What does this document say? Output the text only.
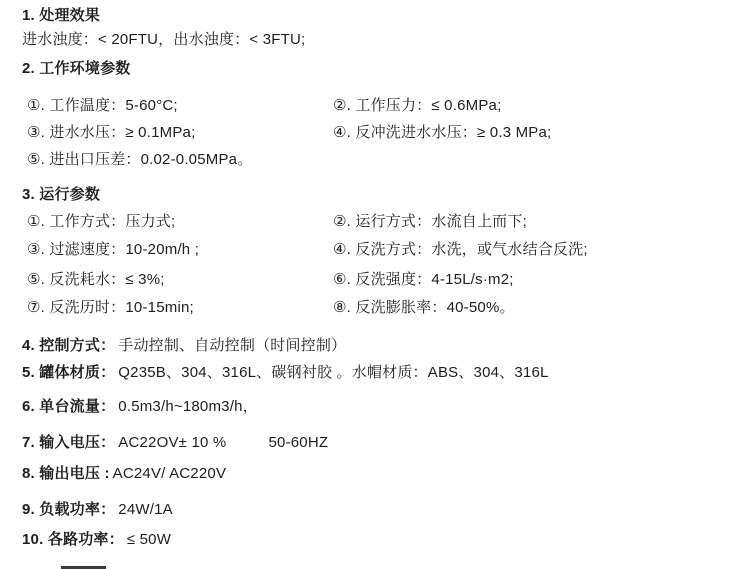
1. 处理效果
进水浊度：< 20FTU，出水浊度：< 3FTU;
2. 工作环境参数
①. 工作温度：5-60°C;	②. 工作压力：≤ 0.6MPa;
③. 进水水压：≥ 0.1MPa;	④. 反冲洗进水水压：≥ 0.3 MPa;
⑤. 进出口压差：0.02-0.05MPa。
3. 运行参数
①. 工作方式：压力式;	②. 运行方式：水流自上而下;
③. 过滤速度：10-20m/h ;	④. 反洗方式：水洗，或气水结合反洗;
⑤. 反洗耗水：≤ 3%;	⑥. 反洗强度：4-15L/s·m2;
⑦. 反洗历时：10-15min;	⑧. 反洗膨胀率：40-50%。
4. 控制方式： 手动控制、自动控制（时间控制）
5. 罐体材质： Q235B、304、316L、碳钢衬胶 。水帽材质：ABS、304、316L
6. 单台流量： 0.5m3/h~180m3/h，
7. 输入电压： AC22OV± 10 %	50-60HZ
8. 输出电压 : AC24V/ AC220V
9. 负载功率： 24W/1A
10. 各路功率： ≤ 50W
